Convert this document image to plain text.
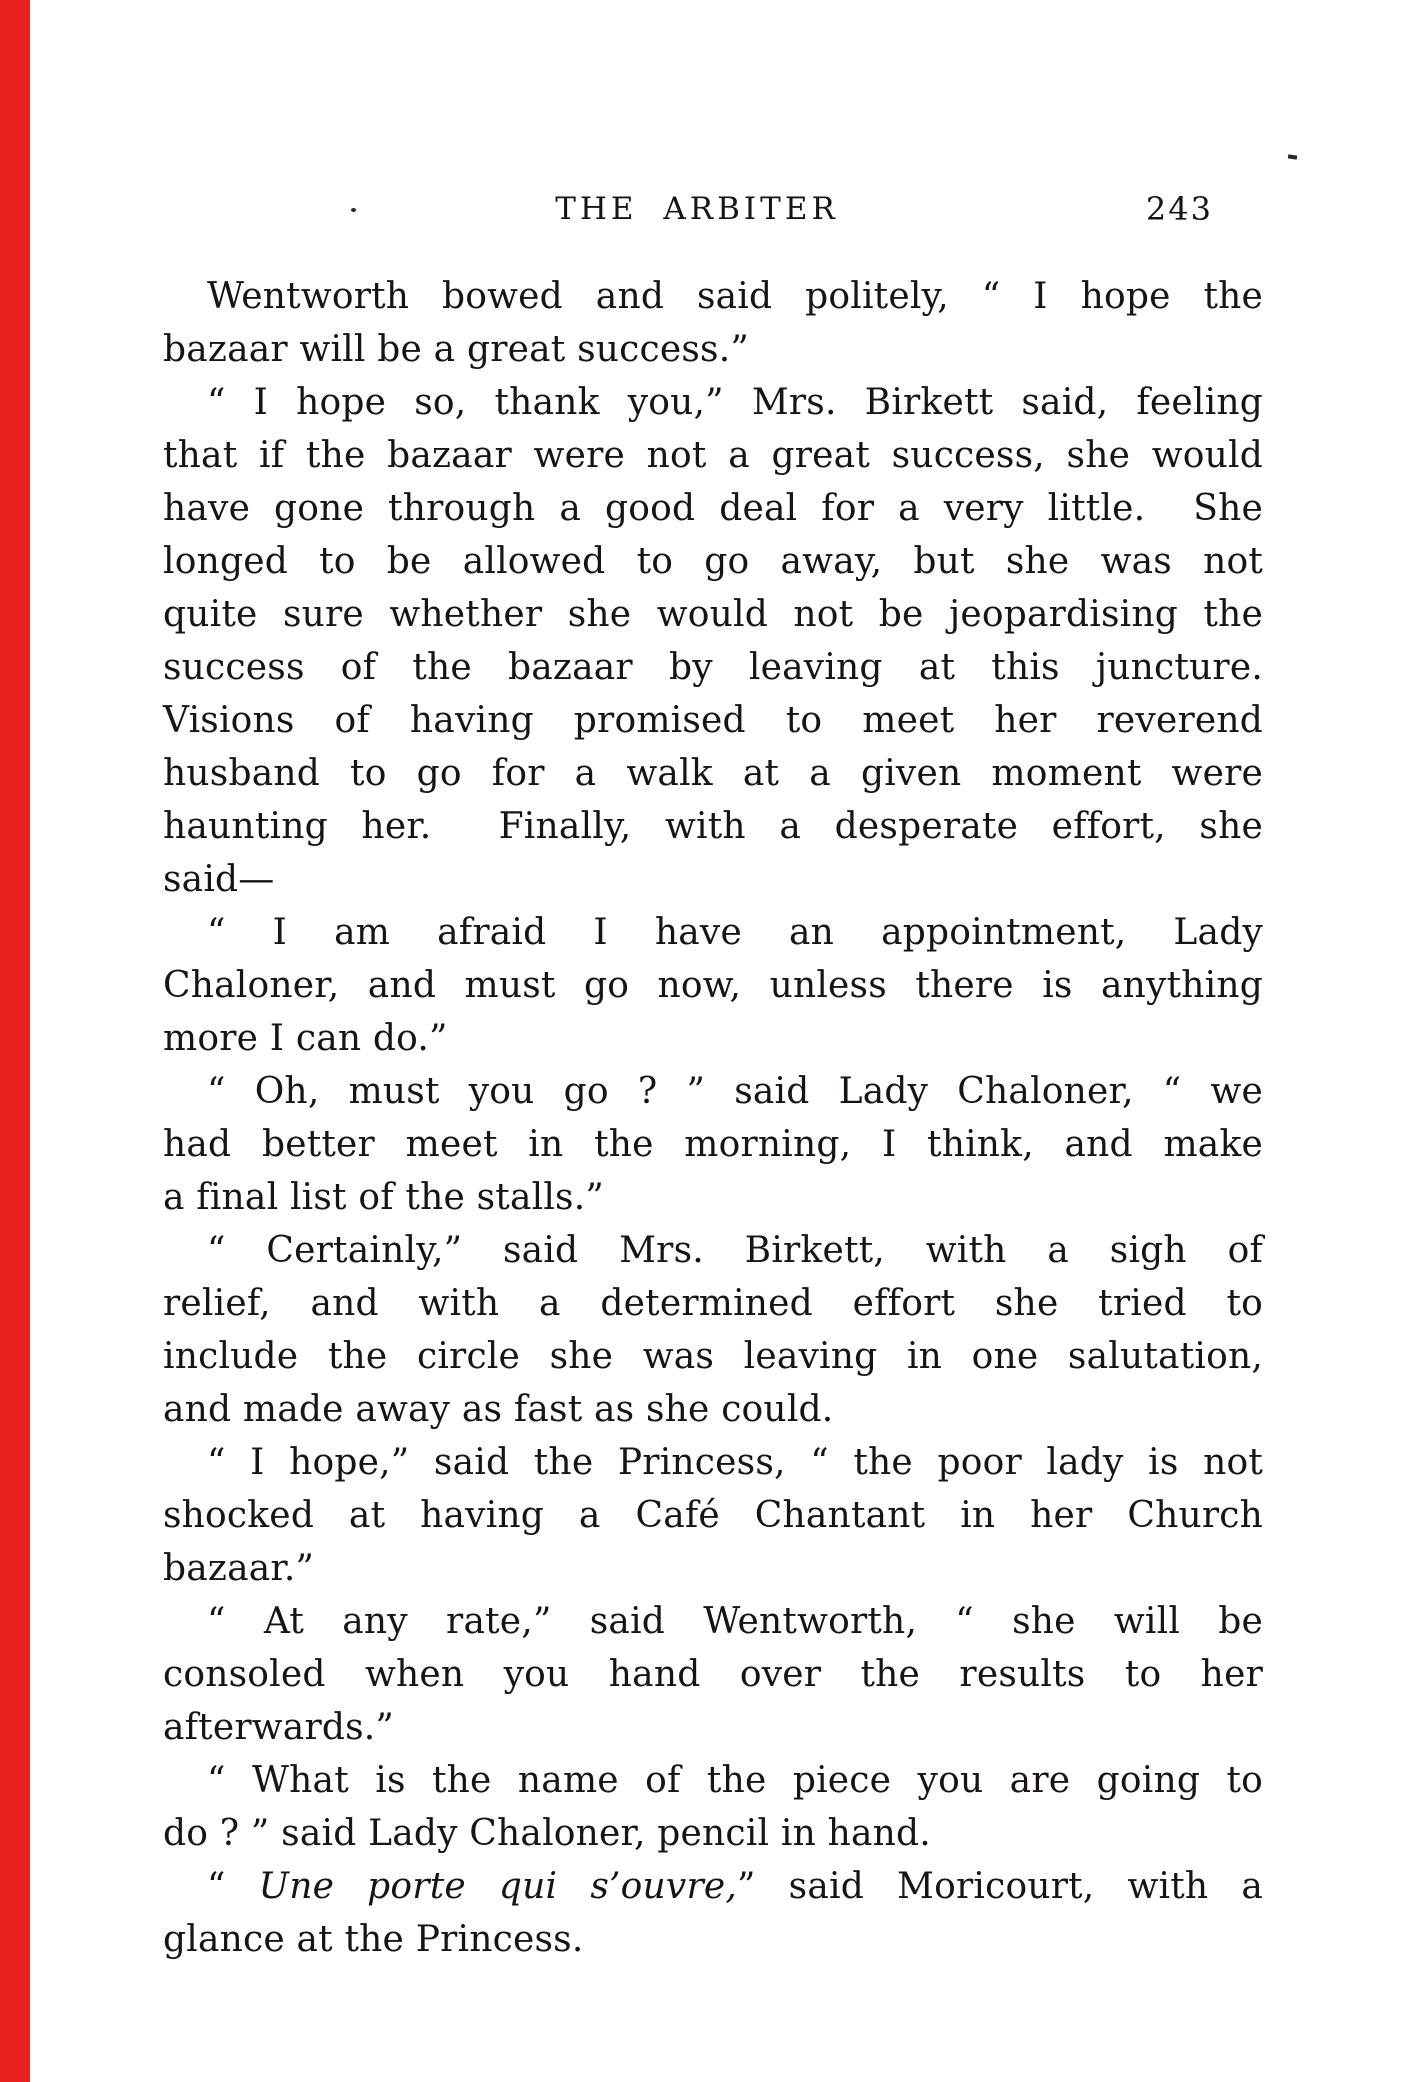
THE ARBITER	243
Wentworth bowed and said politely, “ I hope the
bazaar will be a great success.”
“ I hope so, thank you,” Mrs. Birkett said, feeling
that if the bazaar were not a great success, she would
have gone through a good deal for a very little.  She
longed to be allowed to go away, but she was not
quite sure whether she would not be jeopardising the
success of the bazaar by leaving at this juncture.
Visions of having promised to meet her reverend
husband to go for a walk at a given moment were
haunting her.  Finally, with a desperate effort, she
said—
“ I am afraid I have an appointment, Lady
Chaloner, and must go now, unless there is anything
more I can do.”
“ Oh, must you go ? ” said Lady Chaloner, “ we
had better meet in the morning, I think, and make
a final list of the stalls.”
“ Certainly,” said Mrs. Birkett, with a sigh of
relief, and with a determined effort she tried to
include the circle she was leaving in one salutation,
and made away as fast as she could.
“ I hope,” said the Princess, “ the poor lady is not
shocked at having a Café Chantant in her Church
bazaar.”
“ At any rate,” said Wentworth, “ she will be
consoled when you hand over the results to her
afterwards.”
“ What is the name of the piece you are going to
do ? ” said Lady Chaloner, pencil in hand.
“ Une porte qui s’ouvre,” said Moricourt, with a
glance at the Princess.
